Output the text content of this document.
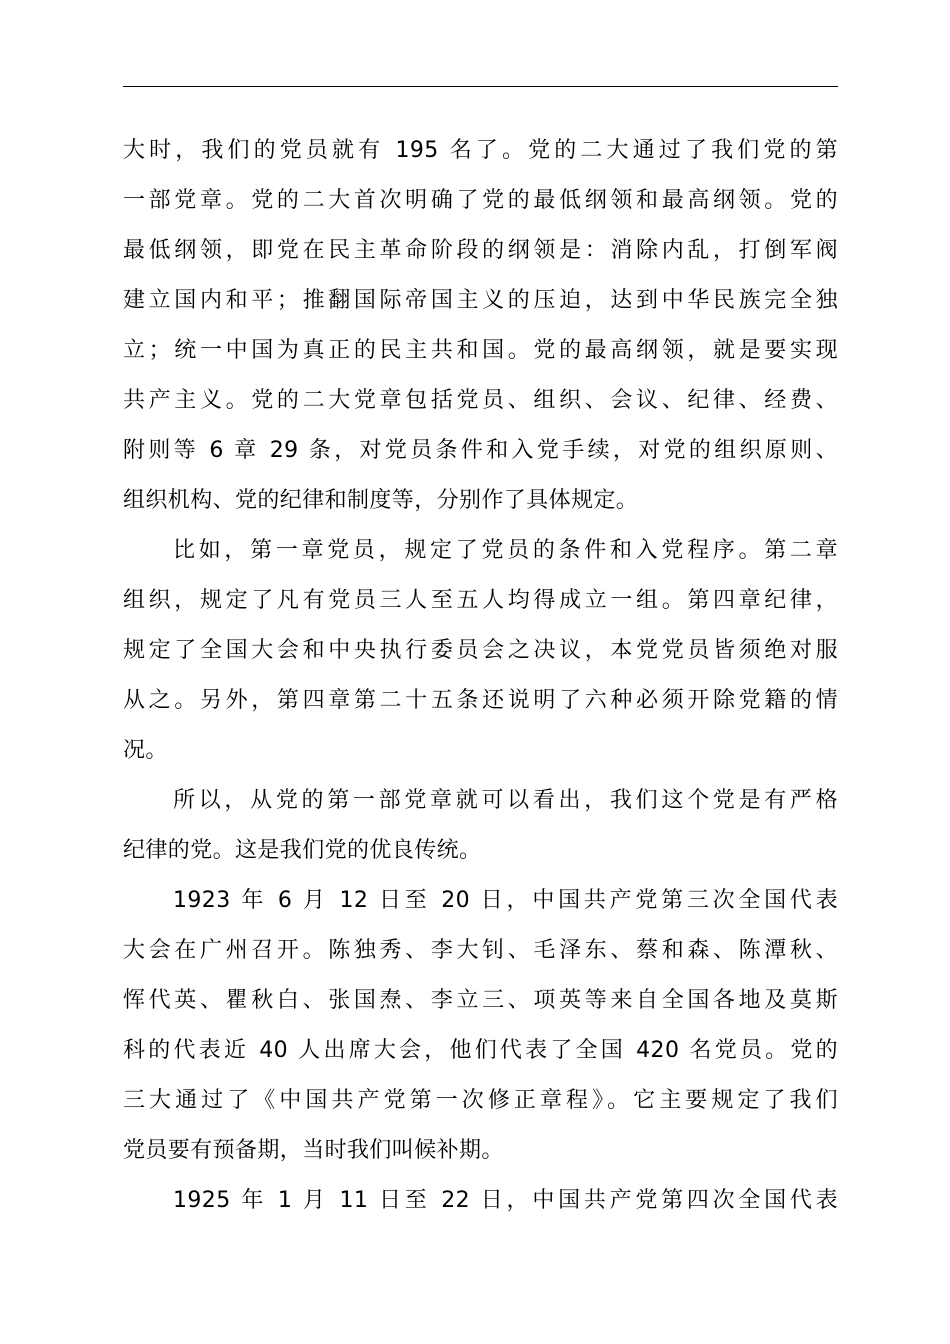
大时，我们的党员就有 195 名了。党的二大通过了我们党的第
一部党章。党的二大首次明确了党的最低纲领和最高纲领。党的
最低纲领，即党在民主革命阶段的纲领是：消除内乱，打倒军阀
建立国内和平；推翻国际帝国主义的压迫，达到中华民族完全独
立；统一中国为真正的民主共和国。党的最高纲领，就是要实现
共产主义。党的二大党章包括党员、组织、会议、纪律、经费、
附则等 6 章 29 条，对党员条件和入党手续，对党的组织原则、
组织机构、党的纪律和制度等，分别作了具体规定。
比如，第一章党员，规定了党员的条件和入党程序。第二章
组织，规定了凡有党员三人至五人均得成立一组。第四章纪律，
规定了全国大会和中央执行委员会之决议，本党党员皆须绝对服
从之。另外，第四章第二十五条还说明了六种必须开除党籍的情
况。
所以，从党的第一部党章就可以看出，我们这个党是有严格
纪律的党。这是我们党的优良传统。
1923 年 6 月 12 日至 20 日，中国共产党第三次全国代表
大会在广州召开。陈独秀、李大钊、毛泽东、蔡和森、陈潭秋、
恽代英、瞿秋白、张国焘、李立三、项英等来自全国各地及莫斯
科的代表近 40 人出席大会，他们代表了全国 420 名党员。党的
三大通过了《中国共产党第一次修正章程》。它主要规定了我们
党员要有预备期，当时我们叫候补期。
1925 年 1 月 11 日至 22 日，中国共产党第四次全国代表
